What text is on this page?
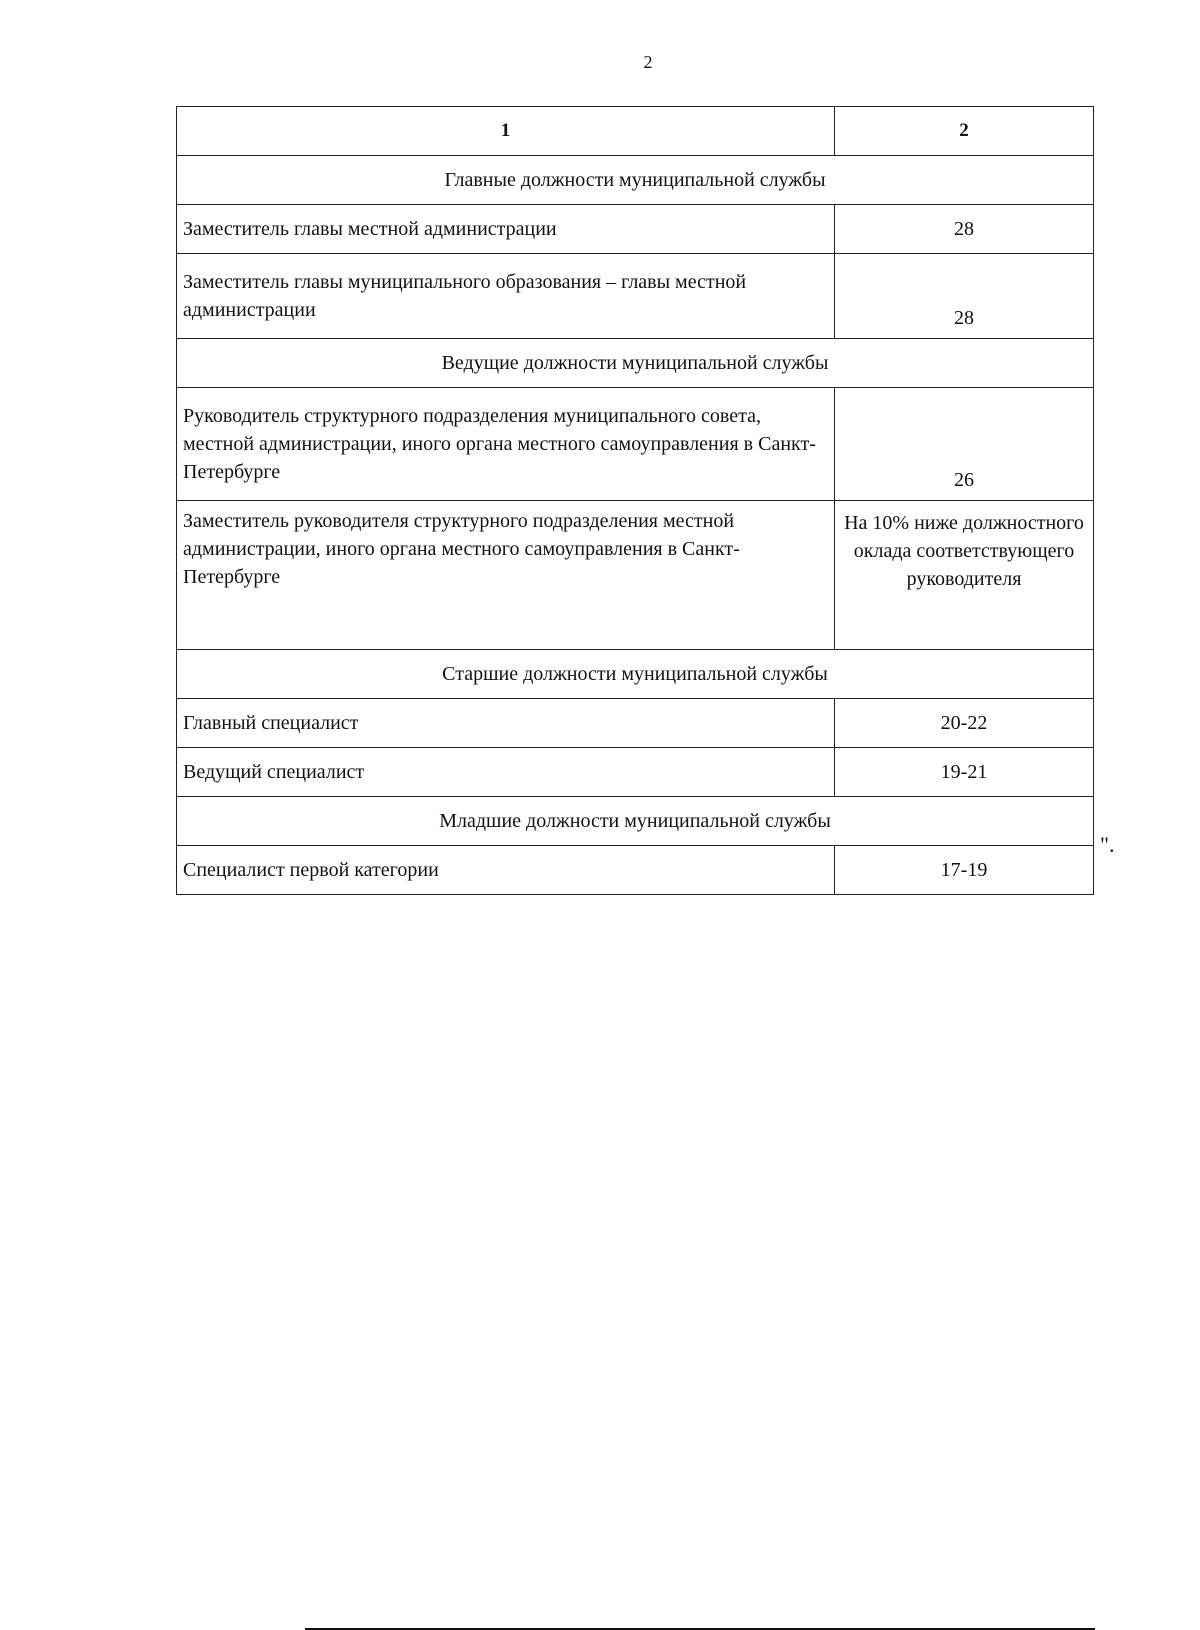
2
1	2
Главные должности муниципальной службы	
Заместитель главы местной администрации	28
Заместитель главы муниципального образования – главы местной администрации	28
Ведущие должности муниципальной службы	
Руководитель структурного подразделения муниципального совета, местной администрации, иного органа местного самоуправления в Санкт-Петербурге	26
Заместитель руководителя структурного подразделения местной администрации, иного органа местного самоуправления в Санкт-Петербурге	На 10% ниже должностного оклада соответствующего руководителя
Старшие должности муниципальной службы	
Главный специалист	20-22
Ведущий специалист	19-21
Младшие должности муниципальной службы	
Специалист первой категории	17-19
".
